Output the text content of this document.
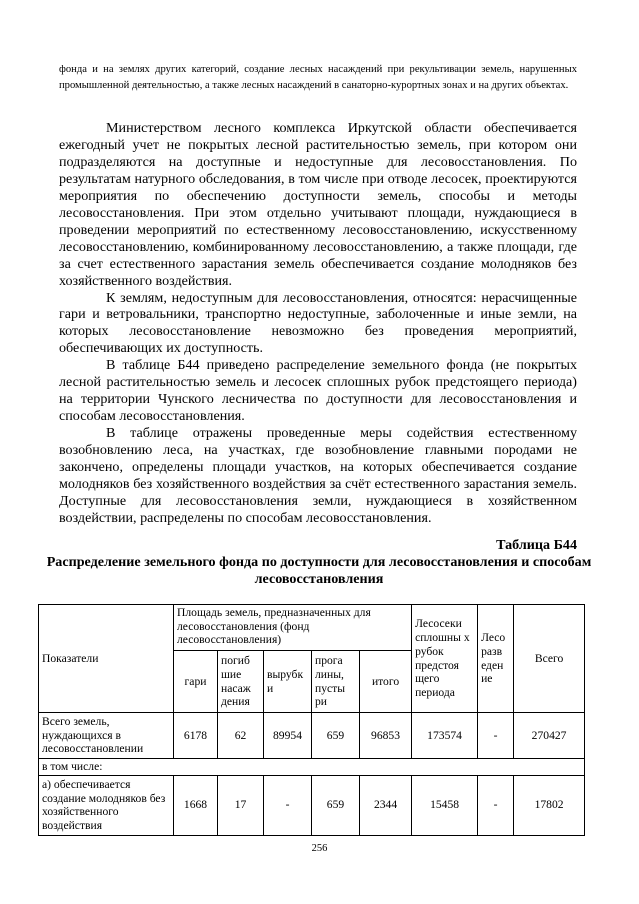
фонда и на землях других категорий, создание лесных насаждений при рекультивации земель, нарушенных промышленной деятельностью, а также лесных насаждений в санаторно-курортных зонах и на других объектах.

Министерством лесного комплекса Иркутской области обеспечивается ежегодный учет не покрытых лесной растительностью земель, при котором они подразделяются на доступные и недоступные для лесовосстановления. По результатам натурного обследования, в том числе при отводе лесосек, проектируются мероприятия по обеспечению доступности земель, способы и методы лесовосстановления. При этом отдельно учитывают площади, нуждающиеся в проведении мероприятий по естественному лесовосстановлению, искусственному лесовосстановлению, комбинированному лесовосстановлению, а также площади, где за счет естественного зарастания земель обеспечивается создание молодняков без хозяйственного воздействия.

К землям, недоступным для лесовосстановления, относятся: нерасчищенные гари и ветровальники, транспортно недоступные, заболоченные и иные земли, на которых лесовосстановление невозможно без проведения мероприятий, обеспечивающих их доступность.

В таблице Б44 приведено распределение земельного фонда (не покрытых лесной растительностью земель и лесосек сплошных рубок предстоящего периода) на территории Чунского лесничества по доступности для лесовосстановления и способам лесовосстановления.

В таблице отражены проведенные меры содействия естественному возобновлению леса, на участках, где возобновление главными породами не закончено, определены площади участков, на которых обеспечивается создание молодняков без хозяйственного воздействия за счёт естественного зарастания земель. Доступные для лесовосстановления земли, нуждающиеся в хозяйственном воздействии, распределены по способам лесовосстановления.

Таблица Б44
Распределение земельного фонда по доступности для лесовосстановления и способам лесовосстановления
Показатели	Площадь земель, предназначенных для лесовосстановления (фонд лесовосстановления)					Лесосеки сплошны х рубок предстоя щего периода	Лесо разв еден ие	Всего
	гари	погиб шие насаж дения	вырубк и	прога лины, пусты ри	итого			
Всего земель, нуждающихся в лесовосстановлении	6178	62	89954	659	96853	173574	-	270427
в том числе:								
а) обеспечивается создание молодняков без хозяйственного воздействия	1668	17	-	659	2344	15458	-	17802
256
